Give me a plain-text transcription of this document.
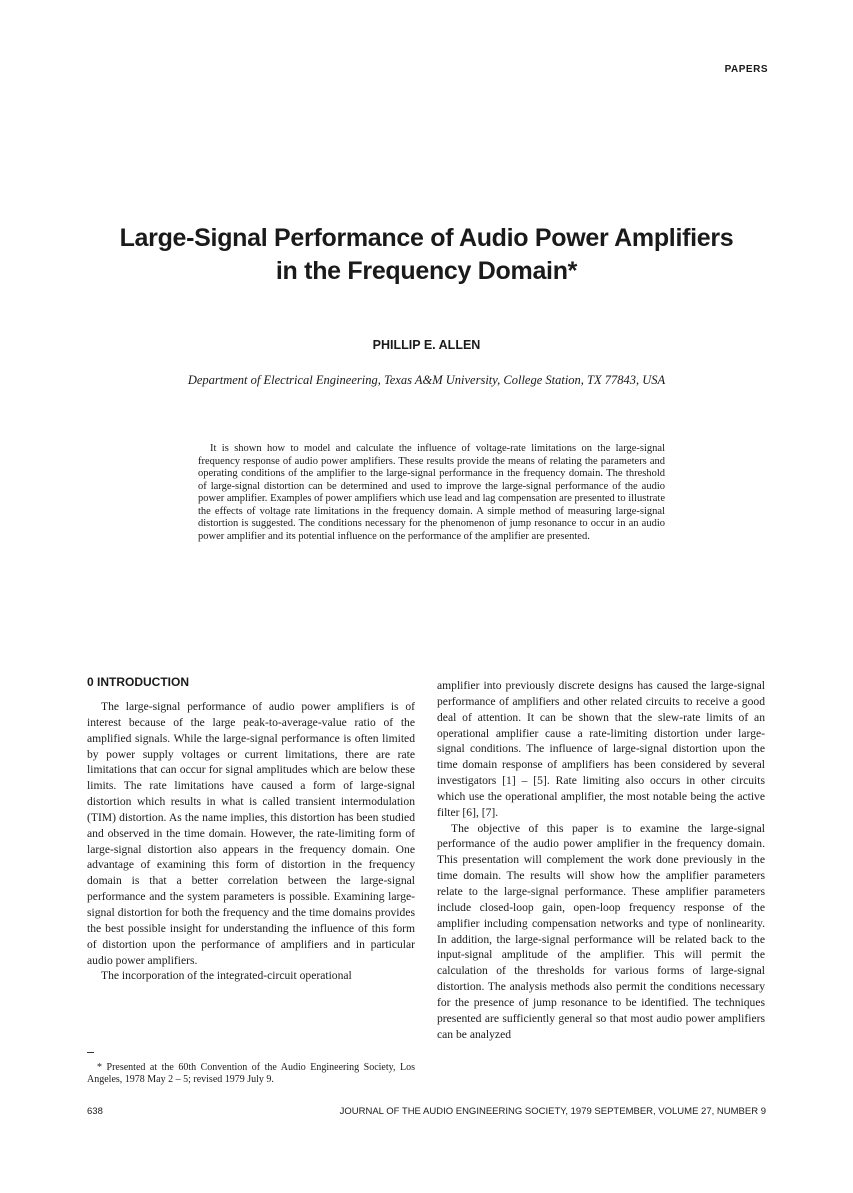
PAPERS
Large-Signal Performance of Audio Power Amplifiers
in the Frequency Domain*
PHILLIP E. ALLEN
Department of Electrical Engineering, Texas A&M University, College Station, TX 77843, USA

It is shown how to model and calculate the influence of voltage-rate limitations on the large-signal frequency response of audio power amplifiers. These results provide the means of relating the parameters and operating conditions of the amplifier to the large-signal performance in the frequency domain. The threshold of large-signal distortion can be determined and used to improve the large-signal performance of the audio power amplifier. Examples of power amplifiers which use lead and lag compensation are presented to illustrate the effects of voltage rate limitations in the frequency domain. A simple method of measuring large-signal distortion is suggested. The conditions necessary for the phenomenon of jump resonance to occur in an audio power amplifier and its potential influence on the performance of the amplifier are presented.

0 INTRODUCTION

The large-signal performance of audio power amplifiers is of interest because of the large peak-to-average-value ratio of the amplified signals. While the large-signal performance is often limited by power supply voltages or current limitations, there are rate limitations that can occur for signal amplitudes which are below these limits. The rate limitations have caused a form of large-signal distortion which results in what is called transient intermodulation (TIM) distortion. As the name implies, this distortion has been studied and observed in the time domain. However, the rate-limiting form of large-signal distortion also appears in the frequency domain. One advantage of examining this form of distortion in the frequency domain is that a better correlation between the large-signal performance and the system parameters is possible. Examining large-signal distortion for both the frequency and the time domains provides the best possible insight for understanding the influence of this form of distortion upon the performance of amplifiers and in particular audio power amplifiers.

The incorporation of the integrated-circuit operational

amplifier into previously discrete designs has caused the large-signal performance of amplifiers and other related circuits to receive a good deal of attention. It can be shown that the slew-rate limits of an operational amplifier cause a rate-limiting distortion under large-signal conditions. The influence of large-signal distortion upon the time domain response of amplifiers has been considered by several investigators [1] – [5]. Rate limiting also occurs in other circuits which use the operational amplifier, the most notable being the active filter [6], [7].

The objective of this paper is to examine the large-signal performance of the audio power amplifier in the frequency domain. This presentation will complement the work done previously in the time domain. The results will show how the amplifier parameters relate to the large-signal performance. These amplifier parameters include closed-loop gain, open-loop frequency response of the amplifier including compensation networks and type of nonlinearity. In addition, the large-signal performance will be related back to the input-signal amplitude of the amplifier. This will permit the calculation of the thresholds for various forms of large-signal distortion. The analysis methods also permit the conditions necessary for the presence of jump resonance to be identified. The techniques presented are sufficiently general so that most audio power amplifiers can be analyzed

* Presented at the 60th Convention of the Audio Engineering Society, Los Angeles, 1978 May 2 – 5; revised 1979 July 9.
638	JOURNAL OF THE AUDIO ENGINEERING SOCIETY, 1979 SEPTEMBER, VOLUME 27, NUMBER 9
